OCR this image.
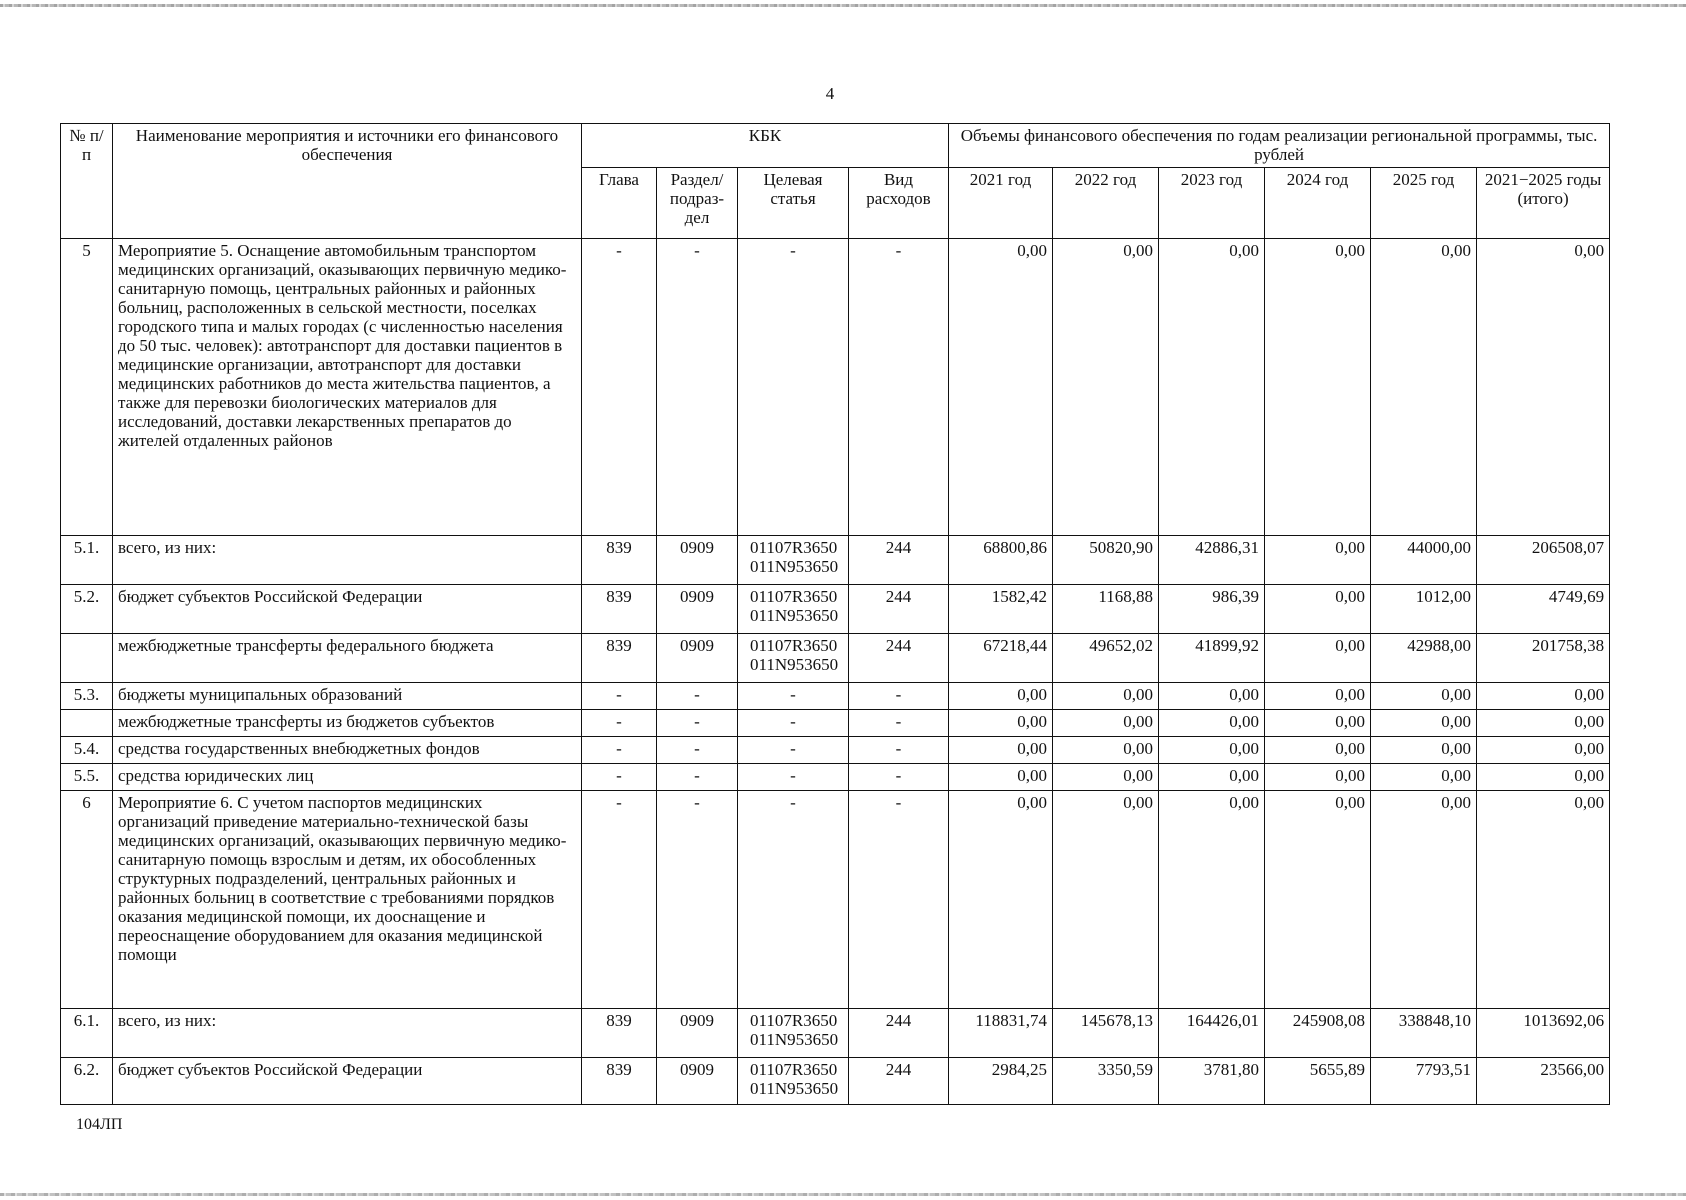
4
№ п/п	Наименование мероприятия и источники его финансового обеспечения	КБК				Объемы финансового обеспечения по годам реализации региональной программы, тыс. рублей					
		Глава	Раздел/ подраз-дел	Целевая статья	Вид расходов	2021 год	2022 год	2023 год	2024 год	2025 год	2021−2025 годы (итого)
5	Мероприятие 5. Оснащение автомобильным транспортом медицинских организаций, оказывающих первичную медико-санитарную помощь, центральных районных и районных больниц, расположенных в сельской местности, поселках городского типа и малых городах (с численностью населения до 50 тыс. человек): автотранспорт для доставки пациентов в медицинские организации, автотранспорт для доставки медицинских работников до места жительства пациентов, а также для перевозки биологических материалов для исследований, доставки лекарственных препаратов до жителей отдаленных районов	-	-	-	-	0,00	0,00	0,00	0,00	0,00	0,00
5.1.	всего, из них:	839	0909	01107R3650 011N953650	244	68800,86	50820,90	42886,31	0,00	44000,00	206508,07
5.2.	бюджет субъектов Российской Федерации	839	0909	01107R3650 011N953650	244	1582,42	1168,88	986,39	0,00	1012,00	4749,69
	межбюджетные трансферты федерального бюджета	839	0909	01107R3650 011N953650	244	67218,44	49652,02	41899,92	0,00	42988,00	201758,38
5.3.	бюджеты муниципальных образований	-	-	-	-	0,00	0,00	0,00	0,00	0,00	0,00
	межбюджетные трансферты из бюджетов субъектов	-	-	-	-	0,00	0,00	0,00	0,00	0,00	0,00
5.4.	средства государственных внебюджетных фондов	-	-	-	-	0,00	0,00	0,00	0,00	0,00	0,00
5.5.	средства юридических лиц	-	-	-	-	0,00	0,00	0,00	0,00	0,00	0,00
6	Мероприятие 6. С учетом паспортов медицинских организаций приведение материально-технической базы медицинских организаций, оказывающих первичную медико-санитарную помощь взрослым и детям, их обособленных структурных подразделений, центральных районных и районных больниц в соответствие с требованиями порядков оказания медицинской помощи, их дооснащение и переоснащение оборудованием для оказания медицинской помощи	-	-	-	-	0,00	0,00	0,00	0,00	0,00	0,00
6.1.	всего, из них:	839	0909	01107R3650 011N953650	244	118831,74	145678,13	164426,01	245908,08	338848,10	1013692,06
6.2.	бюджет субъектов Российской Федерации	839	0909	01107R3650 011N953650	244	2984,25	3350,59	3781,80	5655,89	7793,51	23566,00
104ЛП
